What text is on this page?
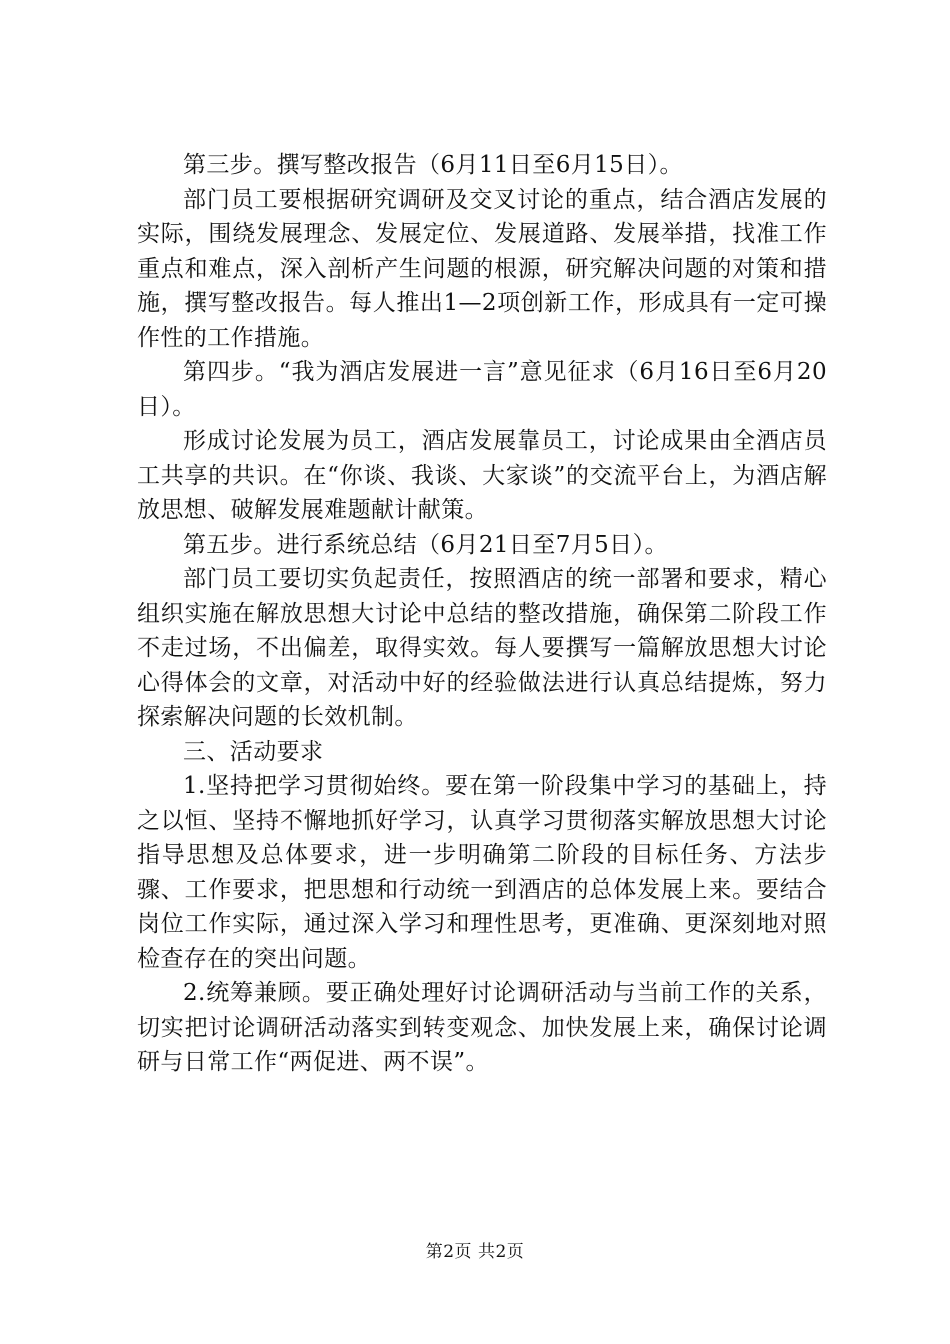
第三步。撰写整改报告（6月11日至6月15日）。

部门员工要根据研究调研及交叉讨论的重点，结合酒店发展的实际，围绕发展理念、发展定位、发展道路、发展举措，找准工作重点和难点，深入剖析产生问题的根源，研究解决问题的对策和措施，撰写整改报告。每人推出1—2项创新工作，形成具有一定可操作性的工作措施。

第四步。“我为酒店发展进一言”意见征求（6月16日至6月20日）。

形成讨论发展为员工，酒店发展靠员工，讨论成果由全酒店员工共享的共识。在“你谈、我谈、大家谈”的交流平台上，为酒店解放思想、破解发展难题献计献策。

第五步。进行系统总结（6月21日至7月5日）。

部门员工要切实负起责任，按照酒店的统一部署和要求，精心组织实施在解放思想大讨论中总结的整改措施，确保第二阶段工作不走过场，不出偏差，取得实效。每人要撰写一篇解放思想大讨论心得体会的文章，对活动中好的经验做法进行认真总结提炼，努力探索解决问题的长效机制。

三、活动要求

1.坚持把学习贯彻始终。要在第一阶段集中学习的基础上，持之以恒、坚持不懈地抓好学习，认真学习贯彻落实解放思想大讨论指导思想及总体要求，进一步明确第二阶段的目标任务、方法步骤、工作要求，把思想和行动统一到酒店的总体发展上来。要结合岗位工作实际，通过深入学习和理性思考，更准确、更深刻地对照检查存在的突出问题。

2.统筹兼顾。要正确处理好讨论调研活动与当前工作的关系，切实把讨论调研活动落实到转变观念、加快发展上来，确保讨论调研与日常工作“两促进、两不误”。

第2页 共2页
